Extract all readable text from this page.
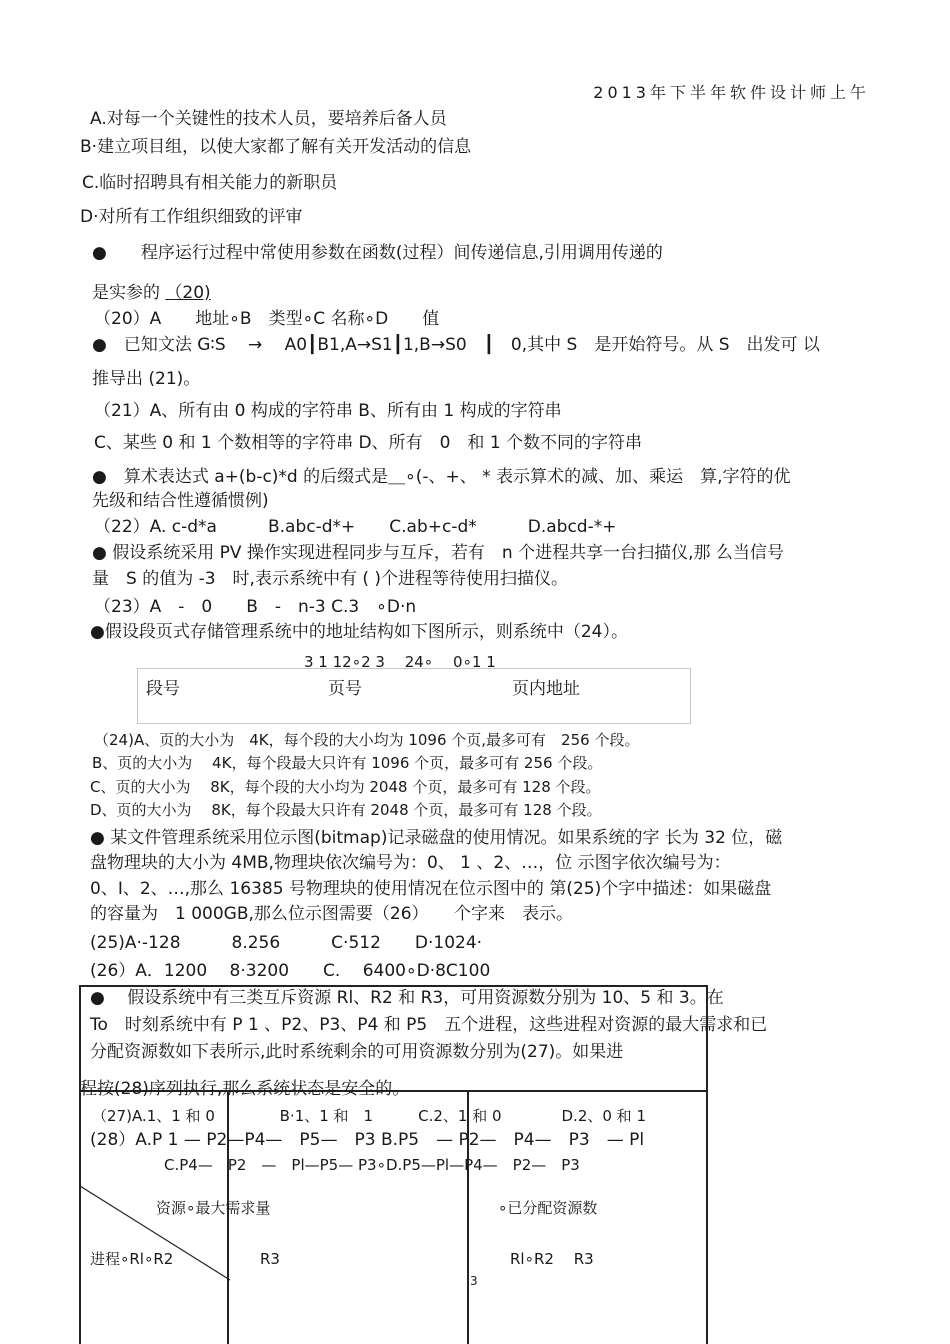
2013年下半年软件设计师上午
A.对每一个关键性的技术人员，要培养后备人员
B·建立项目组，以使大家都了解有关开发活动的信息
C.临时招聘具有相关能力的新职员
D·对所有工作组织细致的评审
●　　程序运行过程中常使用参数在函数(过程）间传递信息,引用调用传递的
是实参的 （20)
（20）A　　地址∘B　类型∘C 名称∘D　　值
●　已知文法 G∶S　 →　 A0┃B1,A→S1┃1,B→S0　┃　0,其中 S　是开始符号。从 S　出发可 以
推导出 (21)。
（21）A、所有由 0 构成的字符串 B、所有由 1 构成的字符串
C、某些 0 和 1 个数相等的字符串 D、所有　0　和 1 个数不同的字符串
●　算术表达式 a+(b-c)*d 的后缀式是＿∘(-、+、 * 表示算术的减、加、乘运　算,字符的优
先级和结合性遵循惯例)
（22）A. c-d*a　　　B.abc-d*+　　C.ab+c-d*　　　D.abcd-*+
● 假设系统采用 PV 操作实现进程同步与互斥，若有　n 个进程共享一台扫描仪,那 么当信号
量　S 的值为 -3　时,表示系统中有 ( )个进程等待使用扫描仪。
（23）A　-　0　　B　-　n-3 C.3　∘D·n
●假设段页式存储管理系统中的地址结构如下图所示，则系统中（24）。
3 1 12∘2 3　 24∘　 0∘1 1
段号	页号	页内地址
（24)A、页的大小为　4K，每个段的大小均为 1096 个页,最多可有　256 个段。
B、页的大小为　 4K，每个段最大只许有 1096 个页，最多可有 256 个段。
C、页的大小为　 8K，每个段的大小均为 2048 个页，最多可有 128 个段。
D、页的大小为　 8K，每个段最大只许有 2048 个页，最多可有 128 个段。
● 某文件管理系统采用位示图(bitmap)记录磁盘的使用情况。如果系统的字 长为 32 位，磁
盘物理块的大小为 4MB,物理块依次编号为：0、 1 、2、…，位 示图字依次编号为：
0、I、2、…,那么 16385 号物理块的使用情况在位示图中的 第(25)个字中描述：如果磁盘
的容量为　1 000GB,那么位示图需要（26）　　个字来　表示。
(25)A·-128　　　8.256　　　C·512　　D·1024·
(26）A．1200　 8·3200　　C.　 6400∘D·8C100
●　 假设系统中有三类互斥资源 Rl、R2 和 R3，可用资源数分别为 10、5 和 3。在
To　时刻系统中有 P 1 、P2、P3、P4 和 P5　五个进程，这些进程对资源的最大需求和已
分配资源数如下表所示,此时系统剩余的可用资源数分别为(27)。如果进
程按(28)序列执行,那么系统状态是安全的。
（27)A.1、1 和 0　　　　 B·1、1 和　1　　　C.2、1 和 0　　　　D.2、0 和 1
(28）A.P 1 — P2—P4—　P5—　P3 B.P5　— P2—　P4—　P3　— Pl
C.P4—　P2　—　Pl—P5— P3∘D.P5—Pl—P4—　P2—　P3
资源∘最大需求量	∘已分配资源数
进程∘Rl∘R2	R3	Rl∘R2　 R3
3
